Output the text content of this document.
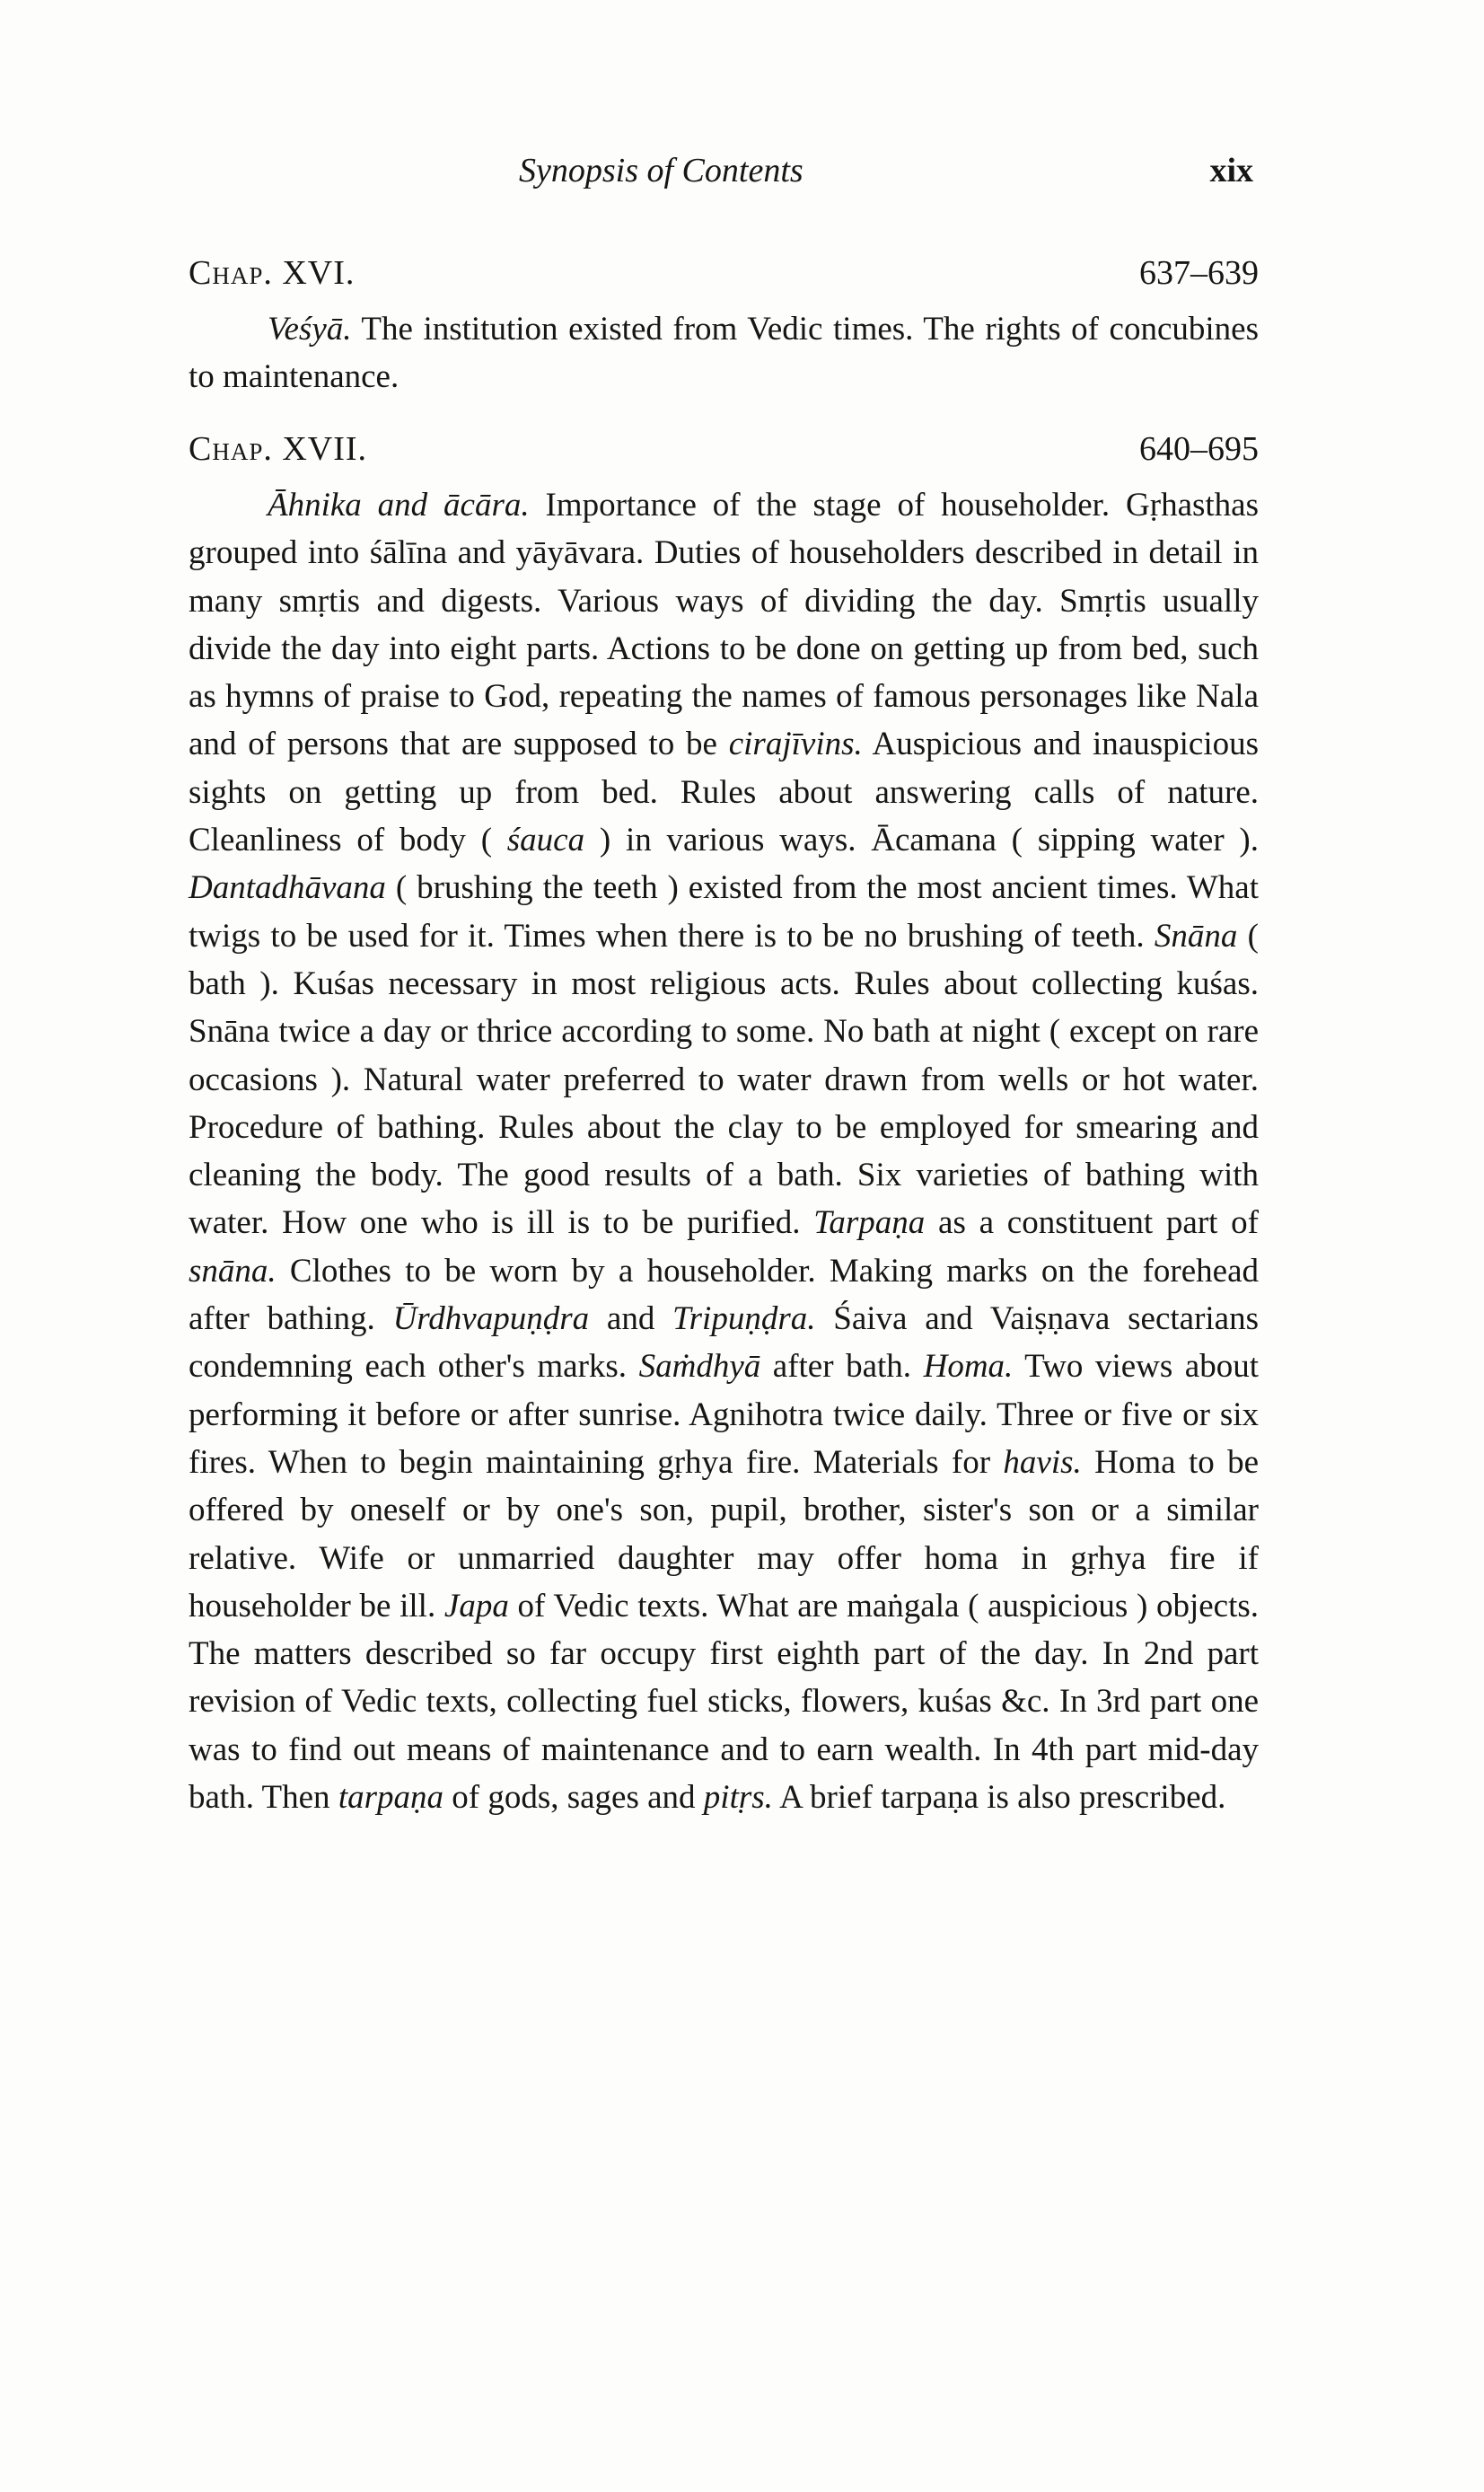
Synopsis of Contents	xix
Chap. XVI.	637–639

Veśyā. The institution existed from Vedic times. The rights of concubines to maintenance.

Chap. XVII.	640–695

Āhnika and ācāra. Importance of the stage of householder. Gṛhasthas grouped into śālīna and yāyāvara. Duties of householders described in detail in many smṛtis and digests. Various ways of dividing the day. Smṛtis usually divide the day into eight parts. Actions to be done on getting up from bed, such as hymns of praise to God, repeating the names of famous personages like Nala and of persons that are supposed to be cirajīvins. Auspicious and inauspicious sights on getting up from bed. Rules about answering calls of nature. Cleanliness of body ( śauca ) in various ways. Ācamana ( sipping water ). Dantadhāvana ( brushing the teeth ) existed from the most ancient times. What twigs to be used for it. Times when there is to be no brushing of teeth. Snāna ( bath ). Kuśas necessary in most religious acts. Rules about collecting kuśas. Snāna twice a day or thrice according to some. No bath at night ( except on rare occasions ). Natural water preferred to water drawn from wells or hot water. Procedure of bathing. Rules about the clay to be employed for smearing and cleaning the body. The good results of a bath. Six varieties of bathing with water. How one who is ill is to be purified. Tarpaṇa as a constituent part of snāna. Clothes to be worn by a householder. Making marks on the forehead after bathing. Ūrdhvapuṇḍra and Tripuṇḍra. Śaiva and Vaiṣṇava sectarians condemning each other's marks. Saṁdhyā after bath. Homa. Two views about performing it before or after sunrise. Agnihotra twice daily. Three or five or six fires. When to begin maintaining gṛhya fire. Materials for havis. Homa to be offered by oneself or by one's son, pupil, brother, sister's son or a similar relative. Wife or unmarried daughter may offer homa in gṛhya fire if householder be ill. Japa of Vedic texts. What are maṅgala ( auspicious ) objects. The matters described so far occupy first eighth part of the day. In 2nd part revision of Vedic texts, collecting fuel sticks, flowers, kuśas &c. In 3rd part one was to find out means of maintenance and to earn wealth. In 4th part mid-day bath. Then tarpaṇa of gods, sages and pitṛs. A brief tarpaṇa is also prescribed.
